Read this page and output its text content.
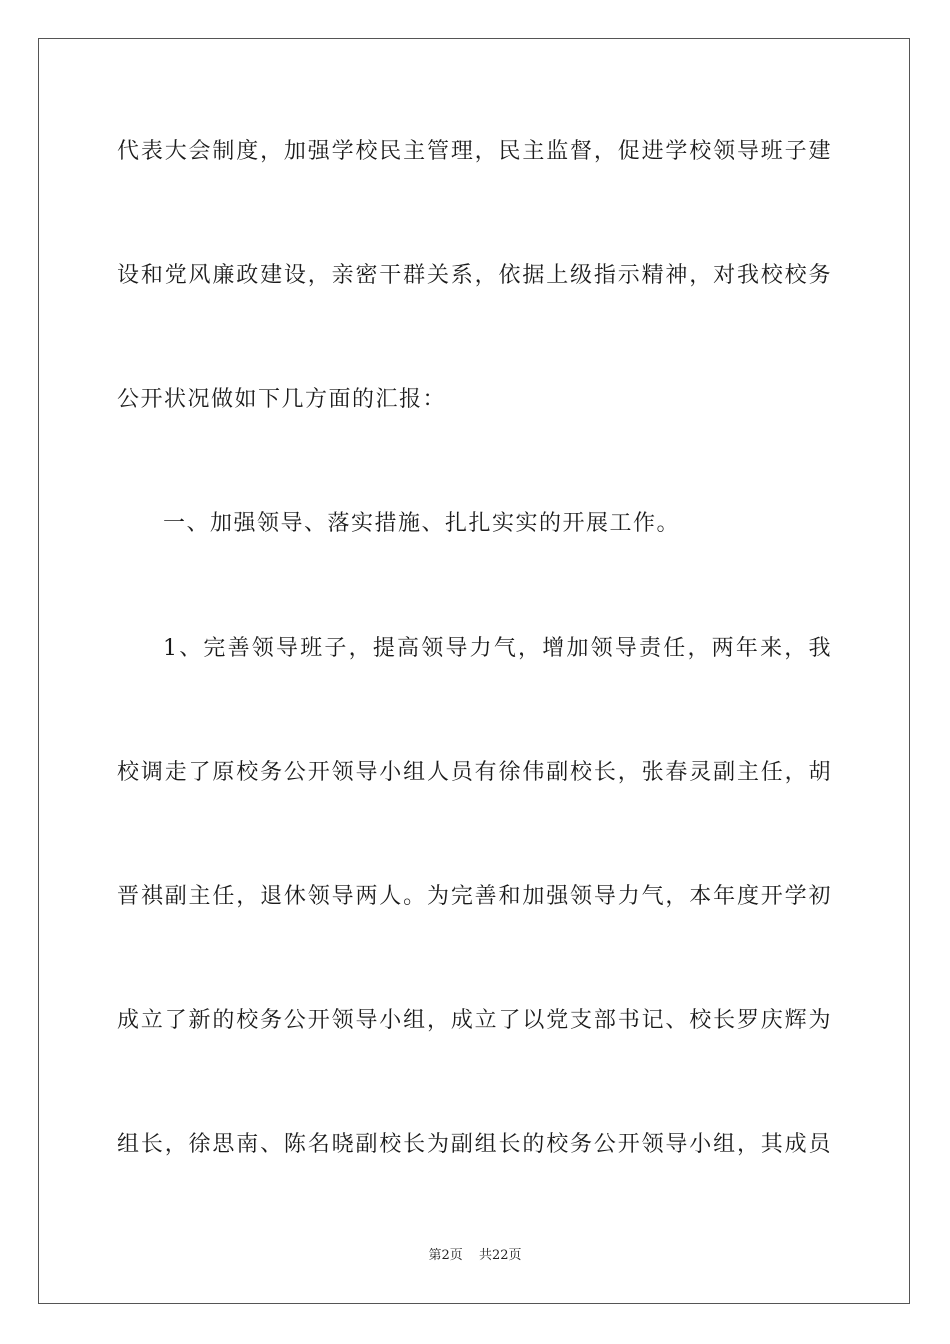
代表大会制度，加强学校民主管理，民主监督，促进学校领导班子建
设和党风廉政建设，亲密干群关系，依据上级指示精神，对我校校务
公开状况做如下几方面的汇报：
一、加强领导、落实措施、扎扎实实的开展工作。
1、完善领导班子，提高领导力气，增加领导责任，两年来，我
校调走了原校务公开领导小组人员有徐伟副校长，张春灵副主任，胡
晋祺副主任，退休领导两人。为完善和加强领导力气，本年度开学初
成立了新的校务公开领导小组，成立了以党支部书记、校长罗庆辉为
组长，徐思南、陈名晓副校长为副组长的校务公开领导小组，其成员
第2页 共22页
